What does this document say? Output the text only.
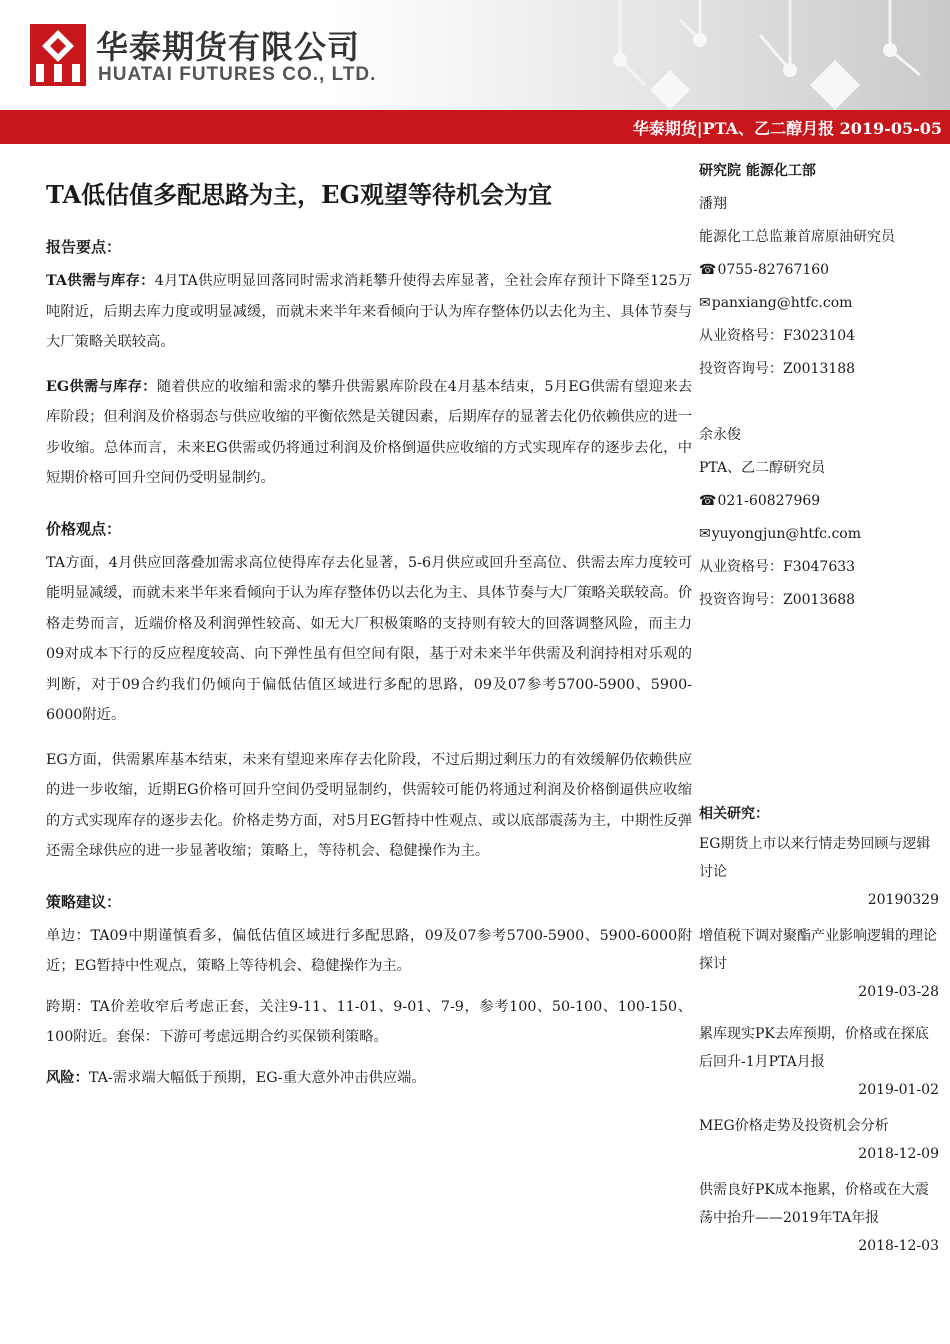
华泰期货有限公司
HUATAI FUTURES CO., LTD.
华泰期货|PTA、乙二醇月报 2019-05-05
TA低估值多配思路为主，EG观望等待机会为宜
报告要点：
TA供需与库存：4月TA供应明显回落同时需求消耗攀升使得去库显著，全社会库存预计下降至125万吨附近，后期去库力度或明显减缓，而就未来半年来看倾向于认为库存整体仍以去化为主、具体节奏与大厂策略关联较高。
EG供需与库存：随着供应的收缩和需求的攀升供需累库阶段在4月基本结束，5月EG供需有望迎来去库阶段；但利润及价格弱态与供应收缩的平衡依然是关键因素，后期库存的显著去化仍依赖供应的进一步收缩。总体而言，未来EG供需或仍将通过利润及价格倒逼供应收缩的方式实现库存的逐步去化，中短期价格可回升空间仍受明显制约。
价格观点：
TA方面，4月供应回落叠加需求高位使得库存去化显著，5-6月供应或回升至高位、供需去库力度较可能明显减缓，而就未来半年来看倾向于认为库存整体仍以去化为主、具体节奏与大厂策略关联较高。价格走势而言，近端价格及利润弹性较高、如无大厂积极策略的支持则有较大的回落调整风险，而主力09对成本下行的反应程度较高、向下弹性虽有但空间有限，基于对未来半年供需及利润持相对乐观的判断，对于09合约我们仍倾向于偏低估值区域进行多配的思路，09及07参考5700-5900、5900-6000附近。
EG方面，供需累库基本结束，未来有望迎来库存去化阶段，不过后期过剩压力的有效缓解仍依赖供应的进一步收缩，近期EG价格可回升空间仍受明显制约，供需较可能仍将通过利润及价格倒逼供应收缩的方式实现库存的逐步去化。价格走势方面，对5月EG暂持中性观点、或以底部震荡为主，中期性反弹还需全球供应的进一步显著收缩；策略上，等待机会、稳健操作为主。
策略建议：
单边：TA09中期谨慎看多，偏低估值区域进行多配思路，09及07参考5700-5900、5900-6000附近；EG暂持中性观点，策略上等待机会、稳健操作为主。
跨期：TA价差收窄后考虑正套，关注9-11、11-01、9-01、7-9，参考100、50-100、100-150、100附近。套保：下游可考虑远期合约买保锁利策略。
风险：TA-需求端大幅低于预期，EG-重大意外冲击供应端。
研究院 能源化工部
潘翔
能源化工总监兼首席原油研究员
☎0755-82767160
✉panxiang@htfc.com
从业资格号：F3023104
投资咨询号：Z0013188
余永俊
PTA、乙二醇研究员
☎021-60827969
✉yuyongjun@htfc.com
从业资格号：F3047633
投资咨询号：Z0013688
相关研究：
EG期货上市以来行情走势回顾与逻辑讨论
20190329
增值税下调对聚酯产业影响逻辑的理论探讨
2019-03-28
累库现实PK去库预期，价格或在探底后回升-1月PTA月报
2019-01-02
MEG价格走势及投资机会分析
2018-12-09
供需良好PK成本拖累，价格或在大震荡中抬升——2019年TA年报
2018-12-03
